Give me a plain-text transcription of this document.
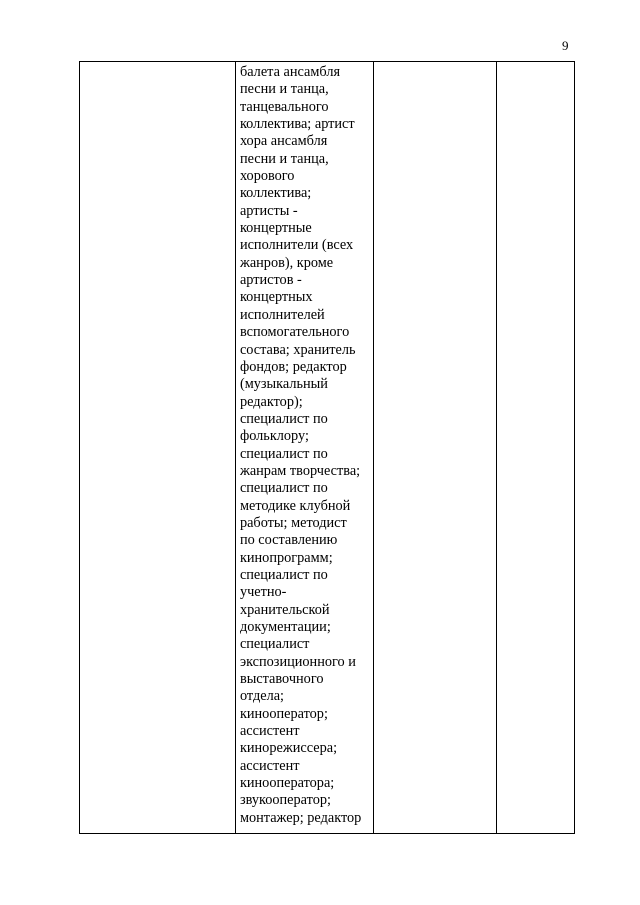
9

балета ансамбля
песни и танца,
танцевального
коллектива; артист
хора ансамбля
песни и танца,
хорового
коллектива;
артисты -
концертные
исполнители (всех
жанров), кроме
артистов -
концертных
исполнителей
вспомогательного
состава; хранитель
фондов; редактор
(музыкальный
редактор);
специалист по
фольклору;
специалист по
жанрам творчества;
специалист по
методике клубной
работы; методист
по составлению
кинопрограмм;
специалист по
учетно-
хранительской
документации;
специалист
экспозиционного и
выставочного
отдела;
кинооператор;
ассистент
кинорежиссера;
ассистент
кинооператора;
звукооператор;
монтажер; редактор
